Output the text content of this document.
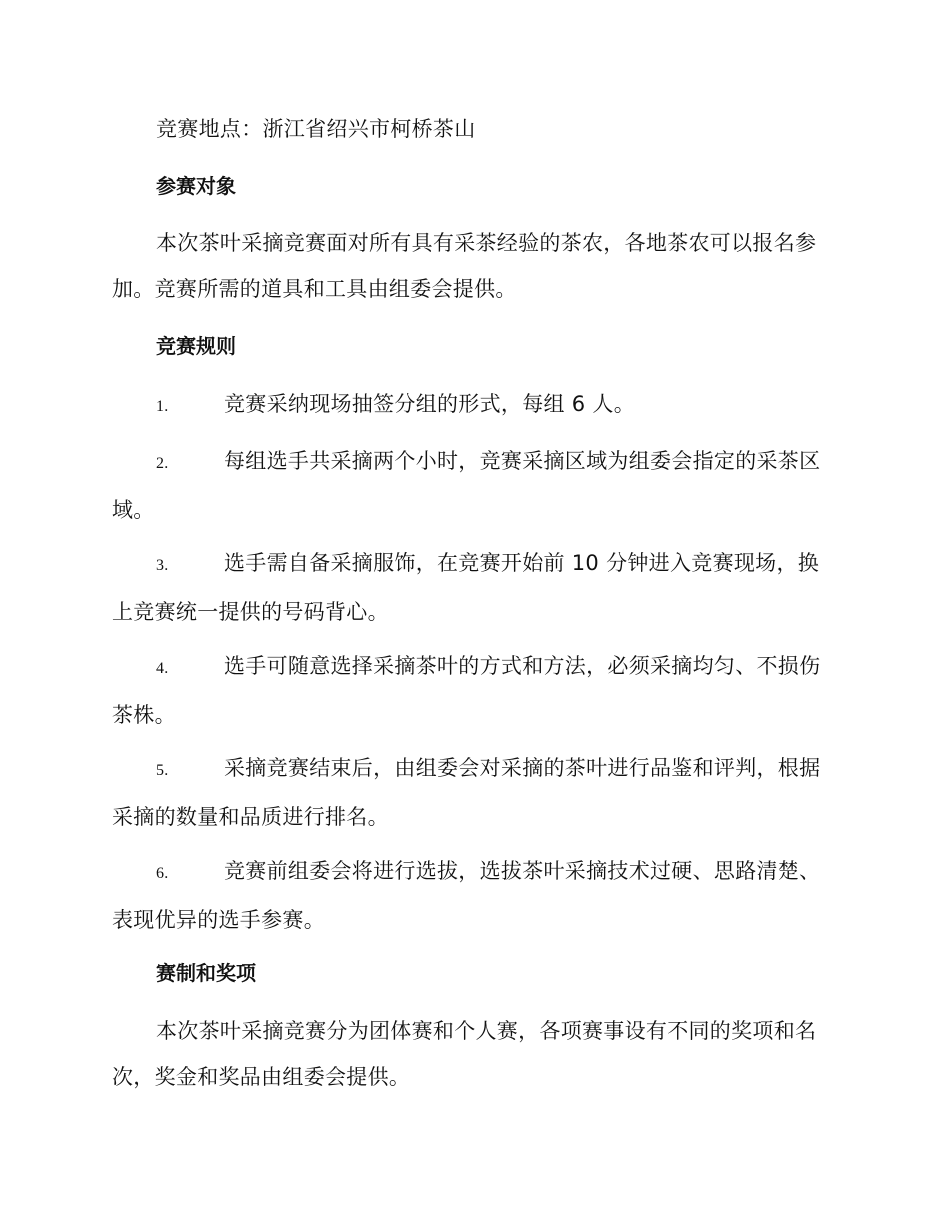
竞赛地点：浙江省绍兴市柯桥茶山

参赛对象

本次茶叶采摘竞赛面对所有具有采茶经验的茶农，各地茶农可以报名参加。竞赛所需的道具和工具由组委会提供。

竞赛规则

1.	竞赛采纳现场抽签分组的形式，每组 6 人。

2.	每组选手共采摘两个小时，竞赛采摘区域为组委会指定的采茶区域。

3.	选手需自备采摘服饰，在竞赛开始前 10 分钟进入竞赛现场，换上竞赛统一提供的号码背心。

4.	选手可随意选择采摘茶叶的方式和方法，必须采摘均匀、不损伤茶株。

5.	采摘竞赛结束后，由组委会对采摘的茶叶进行品鉴和评判，根据采摘的数量和品质进行排名。

6.	竞赛前组委会将进行选拔，选拔茶叶采摘技术过硬、思路清楚、表现优异的选手参赛。

赛制和奖项

本次茶叶采摘竞赛分为团体赛和个人赛，各项赛事设有不同的奖项和名次，奖金和奖品由组委会提供。
